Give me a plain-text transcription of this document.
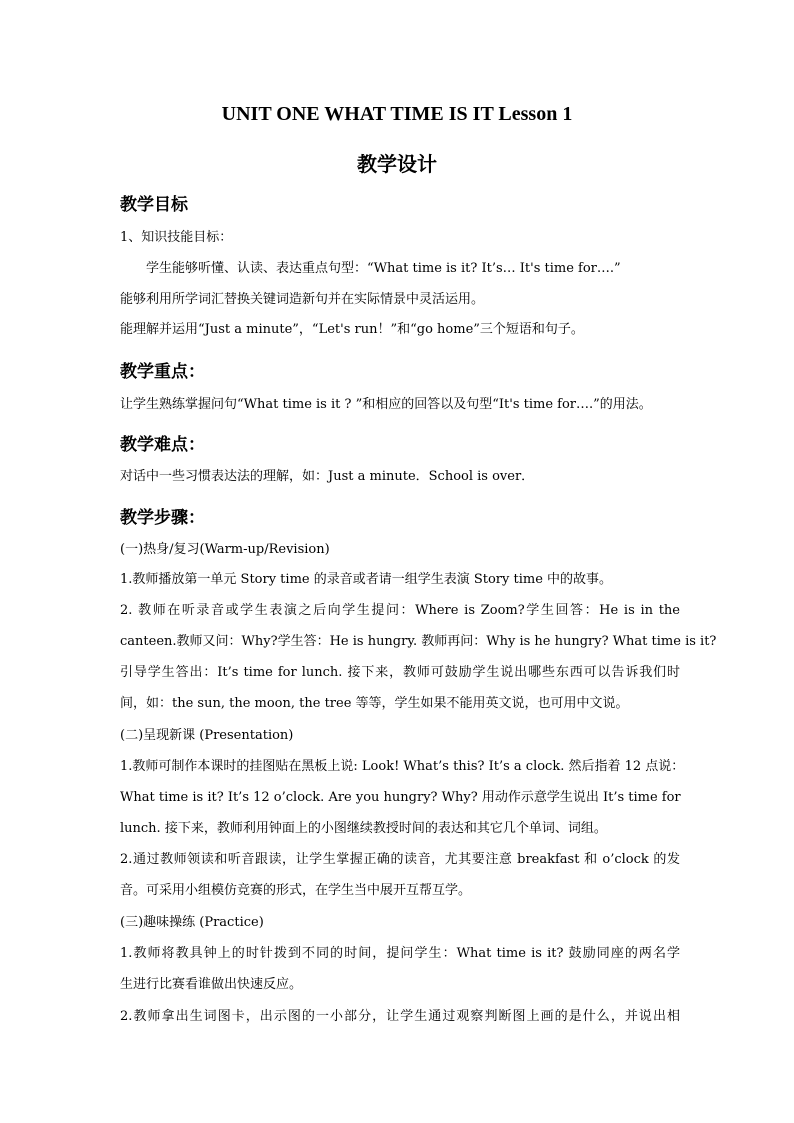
UNIT ONE WHAT TIME IS IT Lesson 1
教学设计
教学目标
1、知识技能目标：
　　学生能够听懂、认读、表达重点句型：“What time is it? It’s… It's time for….”
能够利用所学词汇替换关键词造新句并在实际情景中灵活运用。
能理解并运用“Just a minute”，“Let's run！”和“go home”三个短语和句子。
教学重点：
让学生熟练掌握问句“What time is it ? ”和相应的回答以及句型“It's time for….”的用法。
教学难点：
对话中一些习惯表达法的理解，如：Just a minute．School is over．
教学步骤：
(一)热身/复习(Warm-up/Revision)
1.教师播放第一单元 Story time 的录音或者请一组学生表演 Story time 中的故事。
2. 教师在听录音或学生表演之后向学生提问：Where is Zoom?学生回答：He is in the
canteen.教师又问：Why?学生答：He is hungry. 教师再问：Why is he hungry? What time is it?
引导学生答出：It’s time for lunch. 接下来，教师可鼓励学生说出哪些东西可以告诉我们时
间，如：the sun, the moon, the tree 等等，学生如果不能用英文说，也可用中文说。
(二)呈现新课 (Presentation)
1.教师可制作本课时的挂图贴在黑板上说: Look! What’s this? It’s a clock. 然后指着 12 点说：
What time is it? It’s 12 o’clock. Are you hungry? Why? 用动作示意学生说出 It’s time for
lunch. 接下来，教师利用钟面上的小图继续教授时间的表达和其它几个单词、词组。
2.通过教师领读和听音跟读，让学生掌握正确的读音，尤其要注意 breakfast 和 o’clock 的发
音。可采用小组模仿竞赛的形式，在学生当中展开互帮互学。
(三)趣味操练 (Practice)
1.教师将教具钟上的时针拨到不同的时间，提问学生：What time is it? 鼓励同座的两名学
生进行比赛看谁做出快速反应。
2.教师拿出生词图卡，出示图的一小部分，让学生通过观察判断图上画的是什么，并说出相
